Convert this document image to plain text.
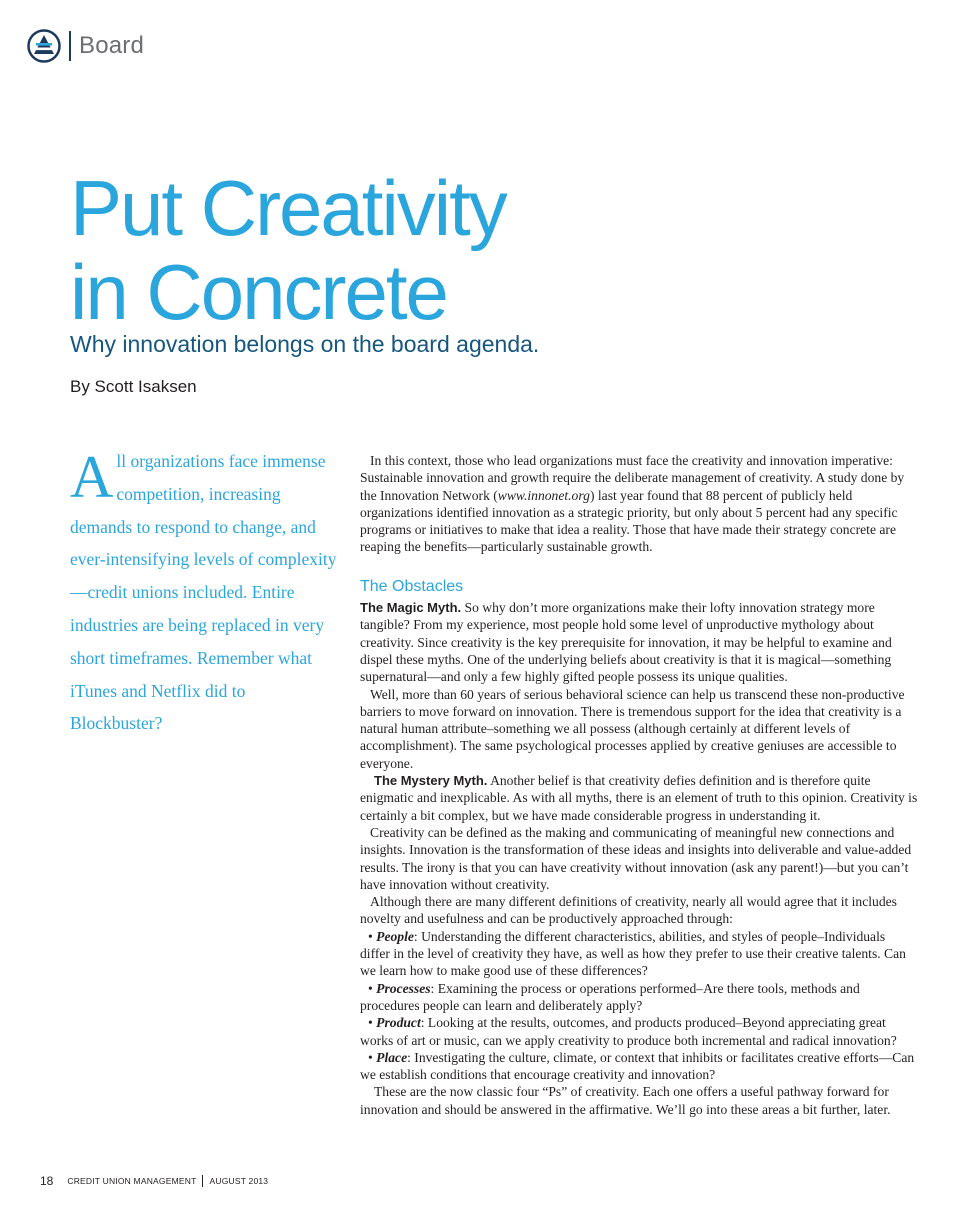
Board
Put Creativity
in Concrete
Why innovation belongs on the board agenda.

By Scott Isaksen

All organizations face immense competition, increasing demands to respond to change, and ever-intensifying levels of complexity—credit unions included. Entire industries are being replaced in very short timeframes. Remember what iTunes and Netflix did to Blockbuster?

In this context, those who lead organizations must face the creativity and innovation imperative: Sustainable innovation and growth require the deliberate management of creativity. A study done by the Innovation Network (www.innonet.org) last year found that 88 percent of publicly held organizations identified innovation as a strategic priority, but only about 5 percent had any specific programs or initiatives to make that idea a reality. Those that have made their strategy concrete are reaping the benefits—particularly sustainable growth.

The Obstacles

The Magic Myth. So why don’t more organizations make their lofty innovation strategy more tangible? From my experience, most people hold some level of unproductive mythology about creativity. Since creativity is the key prerequisite for innovation, it may be helpful to examine and dispel these myths. One of the underlying beliefs about creativity is that it is magical—something supernatural—and only a few highly gifted people possess its unique qualities.

Well, more than 60 years of serious behavioral science can help us transcend these non-productive barriers to move forward on innovation. There is tremendous support for the idea that creativity is a natural human attribute–something we all possess (although certainly at different levels of accomplishment). The same psychological processes applied by creative geniuses are accessible to everyone.

The Mystery Myth. Another belief is that creativity defies definition and is therefore quite enigmatic and inexplicable. As with all myths, there is an element of truth to this opinion. Creativity is certainly a bit complex, but we have made considerable progress in understanding it.

Creativity can be defined as the making and communicating of meaningful new connections and insights. Innovation is the transformation of these ideas and insights into deliverable and value-added results. The irony is that you can have creativity without innovation (ask any parent!)—but you can’t have innovation without creativity.

Although there are many different definitions of creativity, nearly all would agree that it includes novelty and usefulness and can be productively approached through:

• People: Understanding the different characteristics, abilities, and styles of people–Individuals differ in the level of creativity they have, as well as how they prefer to use their creative talents. Can we learn how to make good use of these differences?

• Processes: Examining the process or operations performed–Are there tools, methods and procedures people can learn and deliberately apply?

• Product: Looking at the results, outcomes, and products produced–Beyond appreciating great works of art or music, can we apply creativity to produce both incremental and radical innovation?

• Place: Investigating the culture, climate, or context that inhibits or facilitates creative efforts—Can we establish conditions that encourage creativity and innovation?

These are the now classic four “Ps” of creativity. Each one offers a useful pathway forward for innovation and should be answered in the affirmative. We’ll go into these areas a bit further, later.

18 CREDIT UNION MANAGEMENT AUGUST 2013
